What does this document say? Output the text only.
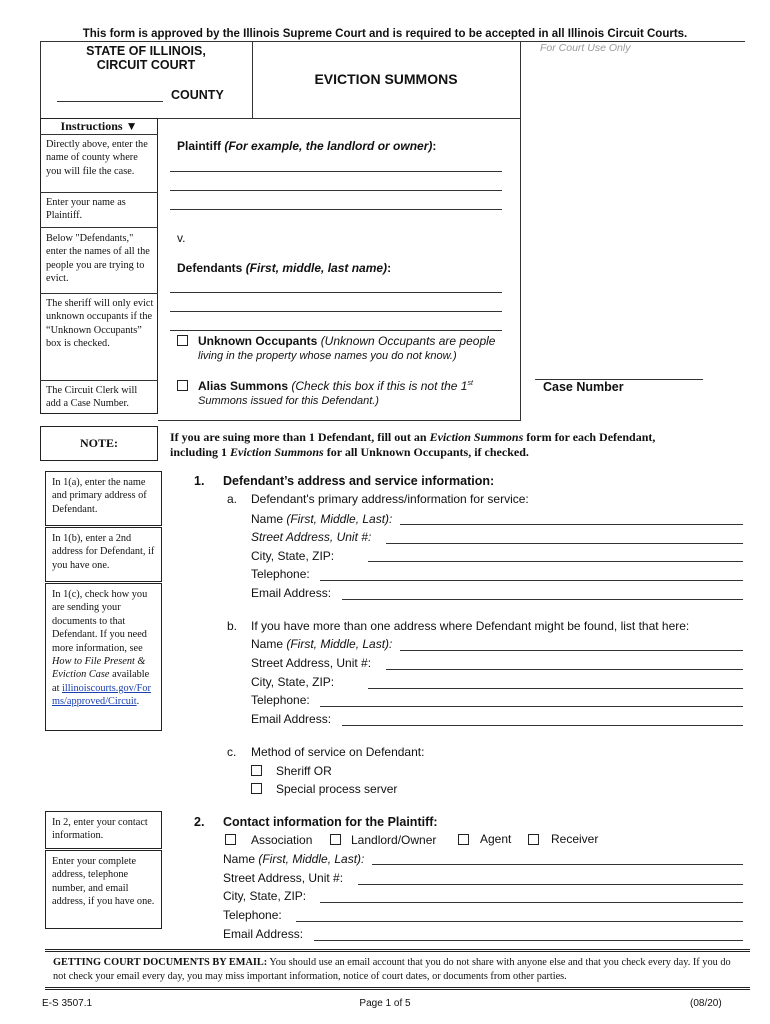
This form is approved by the Illinois Supreme Court and is required to be accepted in all Illinois Circuit Courts.
STATE OF ILLINOIS,
CIRCUIT COURT
COUNTY
EVICTION SUMMONS
For Court Use Only
Case Number
Instructions ▼
Directly above, enter the name of county where you will file the case.
Enter your name as Plaintiff.
Below "Defendants," enter the names of all the people you are trying to evict.
The sheriff will only evict unknown occupants if the “Unknown Occupants” box is checked.
The Circuit Clerk will add a Case Number.
Plaintiff (For example, the landlord or owner):
v.
Defendants (First, middle, last name):
Unknown Occupants (Unknown Occupants are people
living in the property whose names you do not know.)
Alias Summons (Check this box if this is not the 1st
Summons issued for this Defendant.)
NOTE:	If you are suing more than 1 Defendant, fill out an Eviction Summons form for each Defendant,
including 1 Eviction Summons for all Unknown Occupants, if checked.
In 1(a), enter the name and primary address of Defendant.
In 1(b), enter a 2nd address for Defendant, if you have one.
In 1(c), check how you are sending your documents to that Defendant. If you need more information, see How to File Present & Eviction Case available at illinoiscourts.gov/Forms/approved/Circuit.
1. Defendant’s address and service information:
a. Defendant's primary address/information for service:
Name (First, Middle, Last):
Street Address, Unit #:
City, State, ZIP:
Telephone:
Email Address:
b. If you have more than one address where Defendant might be found, list that here:
Name (First, Middle, Last):
Street Address, Unit #:
City, State, ZIP:
Telephone:
Email Address:
c. Method of service on Defendant:
Sheriff OR
Special process server
In 2, enter your contact information.
Enter your complete address, telephone number, and email address, if you have one.
2. Contact information for the Plaintiff:
Association	Landlord/Owner	Agent	Receiver
Name (First, Middle, Last):
Street Address, Unit #:
City, State, ZIP:
Telephone:
Email Address:
GETTING COURT DOCUMENTS BY EMAIL: You should use an email account that you do not share with anyone else and that you check every day. If you do not check your email every day, you may miss important information, notice of court dates, or documents from other parties.
E-S 3507.1	Page 1 of 5	(08/20)
